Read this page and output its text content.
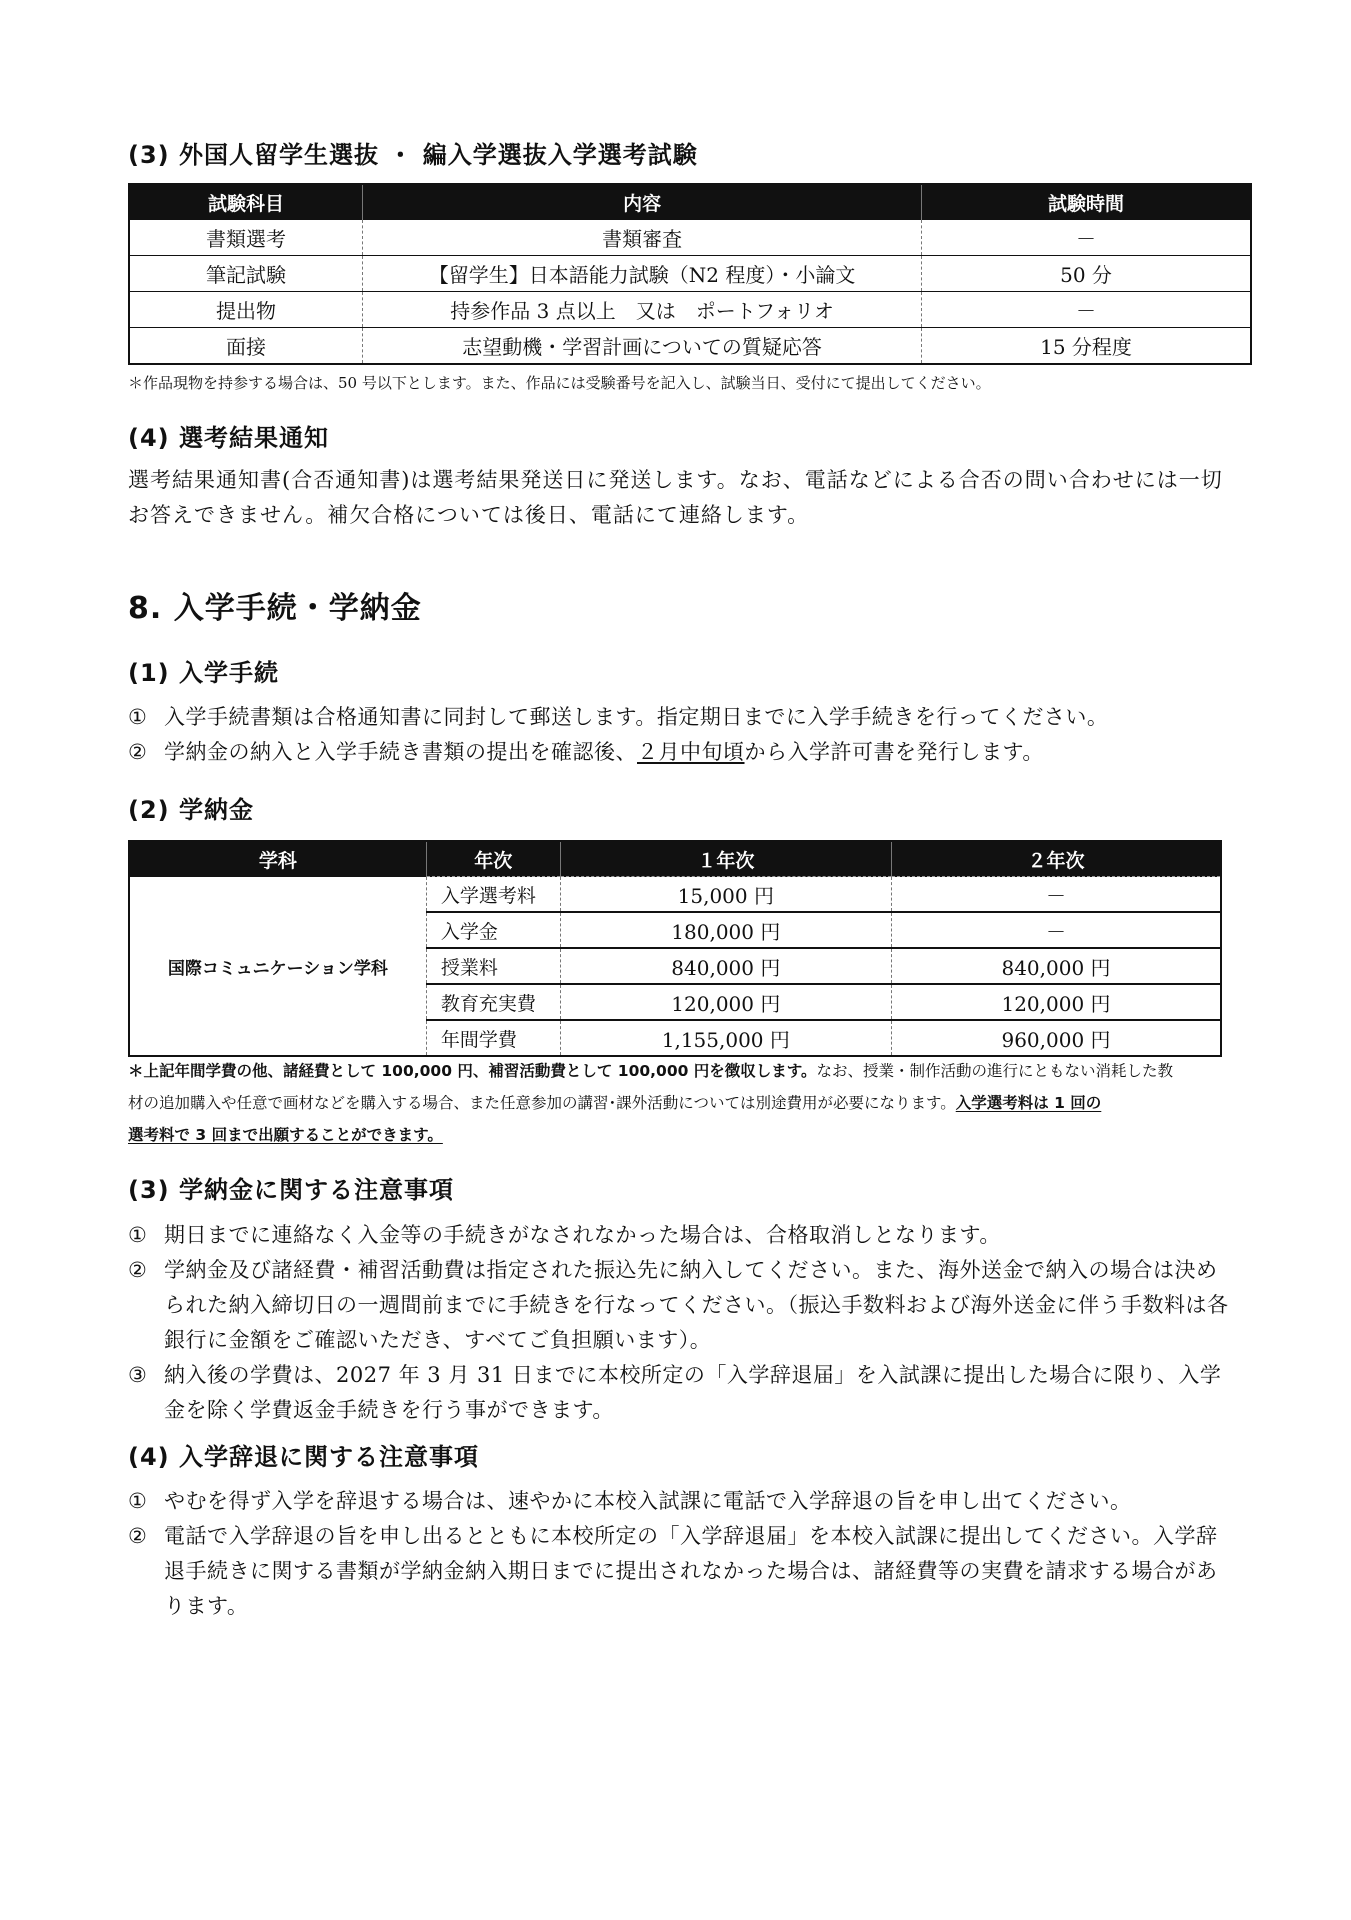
(3) 外国人留学生選抜 ・ 編入学選抜入学選考試験
試験科目	内容	試験時間
書類選考	書類審査	－
筆記試験	【留学生】日本語能力試験（N2 程度）・小論文	50 分
提出物	持参作品 3 点以上　又は　ポートフォリオ	－
面接	志望動機・学習計画についての質疑応答	15 分程度
＊作品現物を持参する場合は、50 号以下とします。また、作品には受験番号を記入し、試験当日、受付にて提出してください。
(4) 選考結果通知
選考結果通知書(合否通知書)は選考結果発送日に発送します。なお、電話などによる合否の問い合わせには一切お答えできません。補欠合格については後日、電話にて連絡します。
8. 入学手続・学納金
(1) 入学手続
① 入学手続書類は合格通知書に同封して郵送します。指定期日までに入学手続きを行ってください。
② 学納金の納入と入学手続き書類の提出を確認後、２月中旬頃から入学許可書を発行します。
(2) 学納金
学科	年次	１年次	２年次
国際コミュニケーション学科	入学選考料	15,000 円	－
	入学金	180,000 円	－
	授業料	840,000 円	840,000 円
	教育充実費	120,000 円	120,000 円
	年間学費	1,155,000 円	960,000 円
＊上記年間学費の他、諸経費として 100,000 円、補習活動費として 100,000 円を徴収します。なお、授業・制作活動の進行にともない消耗した教
材の追加購入や任意で画材などを購入する場合、また任意参加の講習･課外活動については別途費用が必要になります。入学選考料は 1 回の
選考料で 3 回まで出願することができます。
(3) 学納金に関する注意事項
① 期日までに連絡なく入金等の手続きがなされなかった場合は、合格取消しとなります。
② 学納金及び諸経費・補習活動費は指定された振込先に納入してください。また、海外送金で納入の場合は決められた納入締切日の一週間前までに手続きを行なってください。（振込手数料および海外送金に伴う手数料は各銀行に金額をご確認いただき、すべてご負担願います）。
③ 納入後の学費は、2027 年 3 月 31 日までに本校所定の「入学辞退届」を入試課に提出した場合に限り、入学金を除く学費返金手続きを行う事ができます。
(4) 入学辞退に関する注意事項
① やむを得ず入学を辞退する場合は、速やかに本校入試課に電話で入学辞退の旨を申し出てください。
② 電話で入学辞退の旨を申し出るとともに本校所定の「入学辞退届」を本校入試課に提出してください。入学辞退手続きに関する書類が学納金納入期日までに提出されなかった場合は、諸経費等の実費を請求する場合があります。
